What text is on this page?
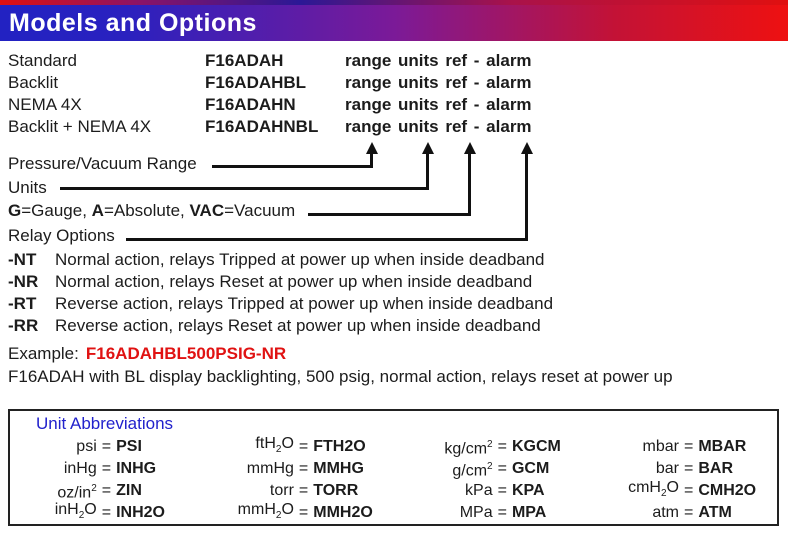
Models and Options
Standard	F16ADAH	range units ref - alarm
Backlit	F16ADAHBL	range units ref - alarm
NEMA 4X	F16ADAHN	range units ref - alarm
Backlit + NEMA 4X	F16ADAHNBL	range units ref - alarm
Pressure/Vacuum Range
Units
G=Gauge, A=Absolute, VAC=Vacuum
Relay Options
-NT	Normal action, relays Tripped at power up when inside deadband
-NR Normal action, relays Reset at power up when inside deadband
-RT	Reverse action, relays Tripped at power up when inside deadband
-RR Reverse action, relays Reset at power up when inside deadband
Example: F16ADAHBL500PSIG-NR
F16ADAH with BL display backlighting, 500 psig, normal action, relays reset at power up
Unit Abbreviations
psi = PSI	ftH$_2$O = FTH2O	$kg/cm^2$ = KGCM	mbar = MBAR
inHg = INHG	mmHg = MMHG	$g/cm^2$ = GCM	bar = BAR
$oz/in^2$ = ZIN	torr = TORR	kPa = KPA	cmH$_2$O = CMH2O
inH$_2$O = INH2O	mmH$_2$O = MMH2O	MPa = MPA	atm = ATM
